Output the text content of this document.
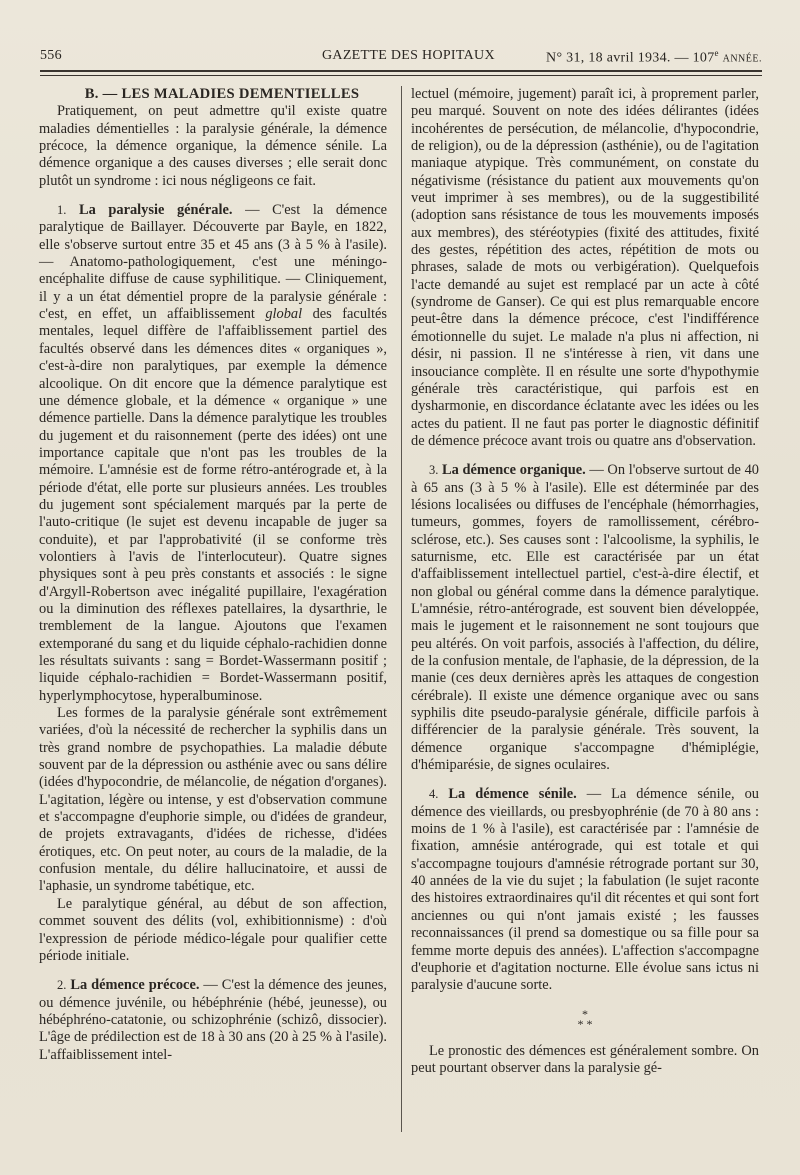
556	GAZETTE DES HOPITAUX	N° 31, 18 avril 1934. — 107e ANNÉE.

B. — LES MALADIES DEMENTIELLES

Pratiquement, on peut admettre qu'il existe quatre maladies démentielles : la paralysie générale, la démence précoce, la démence organique, la démence sénile. La démence organique a des causes diverses ; elle serait donc plutôt un syndrome : ici nous négligeons ce fait.

1. La paralysie générale. — C'est la démence paralytique de Baillayer. Découverte par Bayle, en 1822, elle s'observe surtout entre 35 et 45 ans (3 à 5 % à l'asile). — Anatomo-pathologiquement, c'est une méningo-encéphalite diffuse de cause syphilitique. — Cliniquement, il y a un état démentiel propre de la paralysie générale : c'est, en effet, un affaiblissement global des facultés mentales, lequel diffère de l'affaiblissement partiel des facultés observé dans les démences dites « organiques », c'est-à-dire non paralytiques, par exemple la démence alcoolique. On dit encore que la démence paralytique est une démence globale, et la démence « organique » une démence partielle. Dans la démence paralytique les troubles du jugement et du raisonnement (perte des idées) ont une importance capitale que n'ont pas les troubles de la mémoire. L'amnésie est de forme rétro-antérograde et, à la période d'état, elle porte sur plusieurs années. Les troubles du jugement sont spécialement marqués par la perte de l'auto-critique (le sujet est devenu incapable de juger sa conduite), et par l'approbativité (il se conforme très volontiers à l'avis de l'interlocuteur). Quatre signes physiques sont à peu près constants et associés : le signe d'Argyll-Robertson avec inégalité pupillaire, l'exagération ou la diminution des réflexes patellaires, la dysarthrie, le tremblement de la langue. Ajoutons que l'examen extemporané du sang et du liquide céphalo-rachidien donne les résultats suivants : sang = Bordet-Wassermann positif ; liquide céphalo-rachidien = Bordet-Wassermann positif, hyperlymphocytose, hyperalbuminose.

Les formes de la paralysie générale sont extrêmement variées, d'où la nécessité de rechercher la syphilis dans un très grand nombre de psychopathies. La maladie débute souvent par de la dépression ou asthénie avec ou sans délire (idées d'hypocondrie, de mélancolie, de négation d'organes). L'agitation, légère ou intense, y est d'observation commune et s'accompagne d'euphorie simple, ou d'idées de grandeur, de projets extravagants, d'idées de richesse, d'idées érotiques, etc. On peut noter, au cours de la maladie, de la confusion mentale, du délire hallucinatoire, et aussi de l'aphasie, un syndrome tabétique, etc.

Le paralytique général, au début de son affection, commet souvent des délits (vol, exhibitionnisme) : d'où l'expression de période médico-légale pour qualifier cette période initiale.

2. La démence précoce. — C'est la démence des jeunes, ou démence juvénile, ou hébéphrénie (hébé, jeunesse), ou hébéphréno-catatonie, ou schizophrénie (schizô, dissocier). L'âge de prédilection est de 18 à 30 ans (20 à 25 % à l'asile). L'affaiblissement intel-

lectuel (mémoire, jugement) paraît ici, à proprement parler, peu marqué. Souvent on note des idées délirantes (idées incohérentes de persécution, de mélancolie, d'hypocondrie, de religion), ou de la dépression (asthénie), ou de l'agitation maniaque atypique. Très communément, on constate du négativisme (résistance du patient aux mouvements qu'on veut imprimer à ses membres), ou de la suggestibilité (adoption sans résistance de tous les mouvements imposés aux membres), des stéréotypies (fixité des attitudes, fixité des gestes, répétition des actes, répétition de mots ou phrases, salade de mots ou verbigération). Quelquefois l'acte demandé au sujet est remplacé par un acte à côté (syndrome de Ganser). Ce qui est plus remarquable encore peut-être dans la démence précoce, c'est l'indifférence émotionnelle du sujet. Le malade n'a plus ni affection, ni désir, ni passion. Il ne s'intéresse à rien, vit dans une insouciance complète. Il en résulte une sorte d'hypothymie générale très caractéristique, qui parfois est en dysharmonie, en discordance éclatante avec les idées ou les actes du patient. Il ne faut pas porter le diagnostic définitif de démence précoce avant trois ou quatre ans d'observation.

3. La démence organique. — On l'observe surtout de 40 à 65 ans (3 à 5 % à l'asile). Elle est déterminée par des lésions localisées ou diffuses de l'encéphale (hémorrhagies, tumeurs, gommes, foyers de ramollissement, cérébro-sclérose, etc.). Ses causes sont : l'alcoolisme, la syphilis, le saturnisme, etc. Elle est caractérisée par un état d'affaiblissement intellectuel partiel, c'est-à-dire électif, et non global ou général comme dans la démence paralytique. L'amnésie, rétro-antérograde, est souvent bien développée, mais le jugement et le raisonnement ne sont toujours que peu altérés. On voit parfois, associés à l'affection, du délire, de la confusion mentale, de l'aphasie, de la dépression, de la manie (ces deux dernières après les attaques de congestion cérébrale). Il existe une démence organique avec ou sans syphilis dite pseudo-paralysie générale, difficile parfois à différencier de la paralysie générale. Très souvent, la démence organique s'accompagne d'hémiplégie, d'hémiparésie, de signes oculaires.

4. La démence sénile. — La démence sénile, ou démence des vieillards, ou presbyophrénie (de 70 à 80 ans : moins de 1 % à l'asile), est caractérisée par : l'amnésie de fixation, amnésie antérograde, qui est totale et qui s'accompagne toujours d'amnésie rétrograde portant sur 30, 40 années de la vie du sujet ; la fabulation (le sujet raconte des histoires extraordinaires qu'il dit récentes et qui sont fort anciennes ou qui n'ont jamais existé ; les fausses reconnaissances (il prend sa domestique ou sa fille pour sa femme morte depuis des années). L'affection s'accompagne d'euphorie et d'agitation nocturne. Elle évolue sans ictus ni paralysie d'aucune sorte.

*
* *

Le pronostic des démences est généralement sombre. On peut pourtant observer dans la paralysie gé-
